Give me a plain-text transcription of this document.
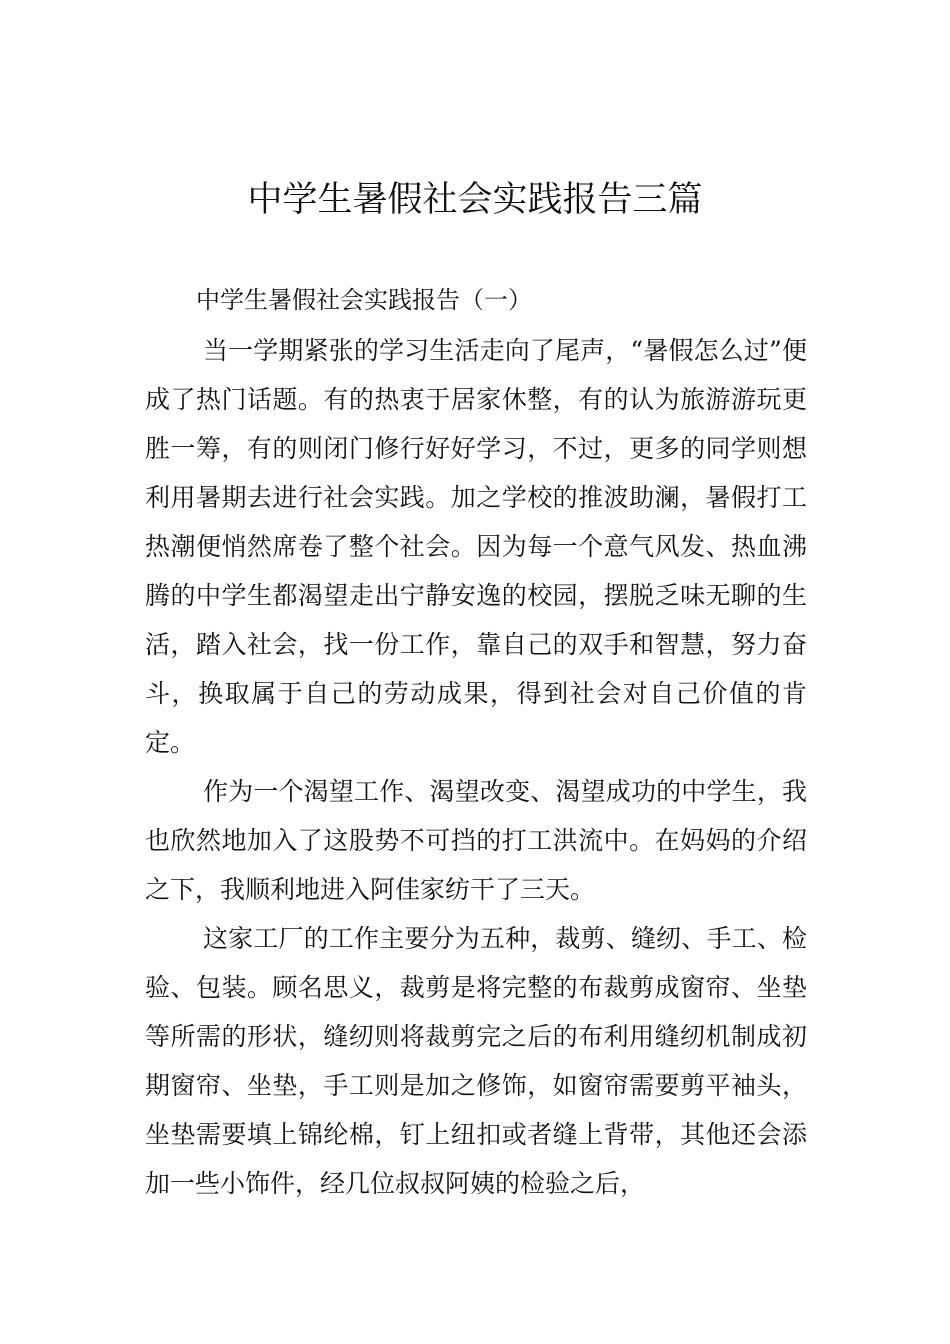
中学生暑假社会实践报告三篇

中学生暑假社会实践报告（一）

当一学期紧张的学习生活走向了尾声，“暑假怎么过”便成了热门话题。有的热衷于居家休整，有的认为旅游游玩更胜一筹，有的则闭门修行好好学习，不过，更多的同学则想利用暑期去进行社会实践。加之学校的推波助澜，暑假打工热潮便悄然席卷了整个社会。因为每一个意气风发、热血沸腾的中学生都渴望走出宁静安逸的校园，摆脱乏味无聊的生活，踏入社会，找一份工作，靠自己的双手和智慧，努力奋斗，换取属于自己的劳动成果，得到社会对自己价值的肯定。

作为一个渴望工作、渴望改变、渴望成功的中学生，我也欣然地加入了这股势不可挡的打工洪流中。在妈妈的介绍之下，我顺利地进入阿佳家纺干了三天。

这家工厂的工作主要分为五种，裁剪、缝纫、手工、检验、包装。顾名思义，裁剪是将完整的布裁剪成窗帘、坐垫等所需的形状，缝纫则将裁剪完之后的布利用缝纫机制成初期窗帘、坐垫，手工则是加之修饰，如窗帘需要剪平袖头，坐垫需要填上锦纶棉，钉上纽扣或者缝上背带，其他还会添加一些小饰件，经几位叔叔阿姨的检验之后，
